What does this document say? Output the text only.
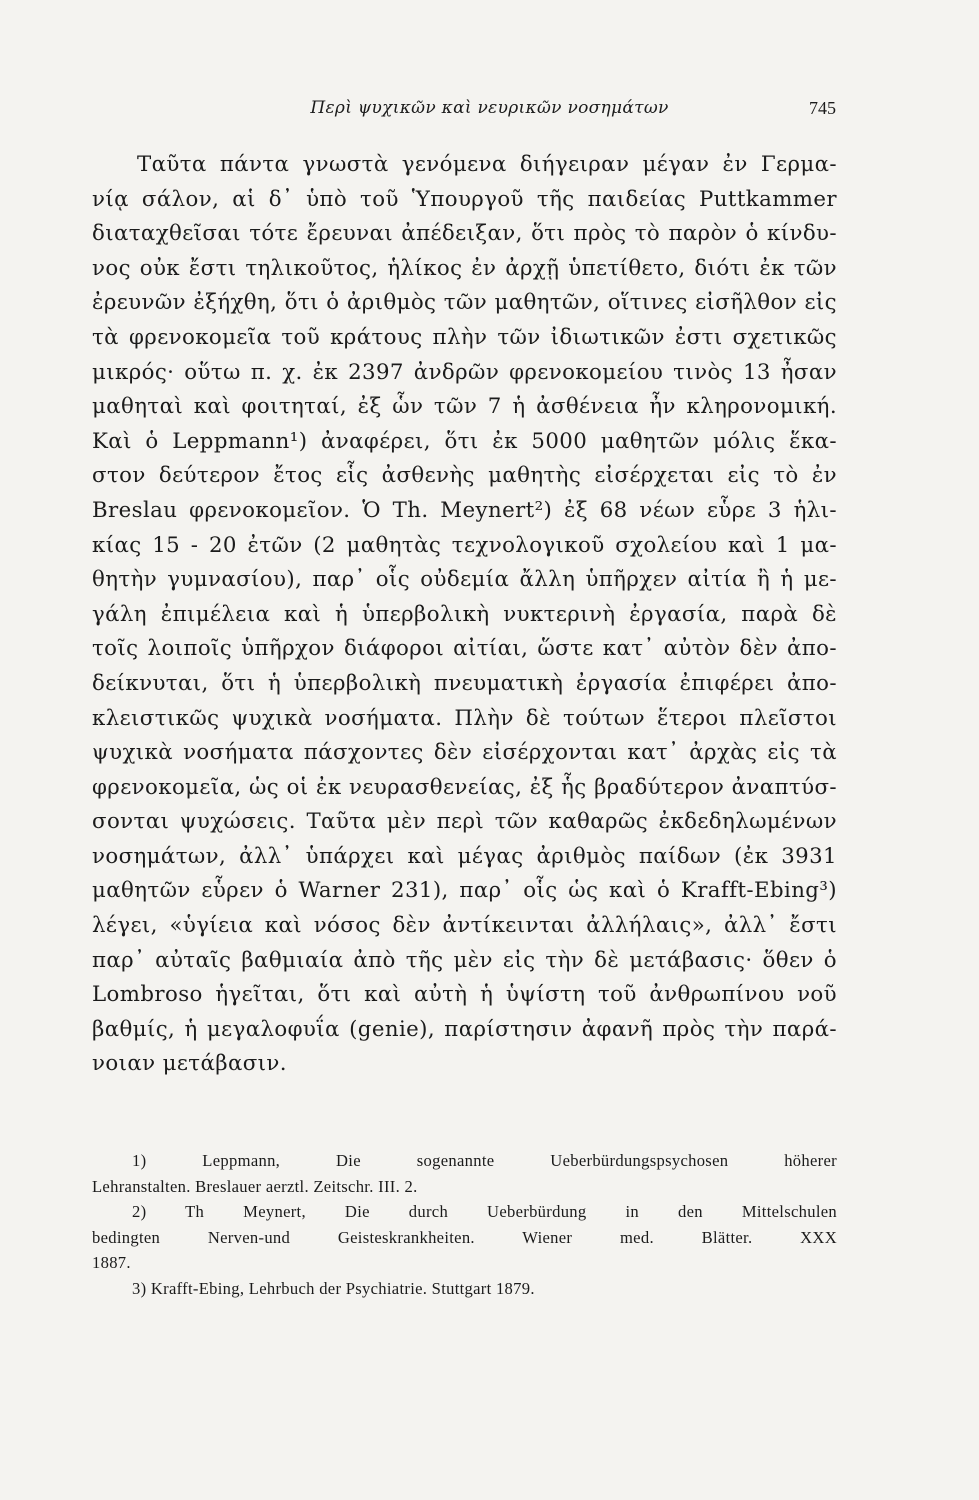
Περὶ ψυχικῶν καὶ νευρικῶν νοσημάτων	745
Ταῦτα πάντα γνωστὰ γενόμενα διήγειραν μέγαν ἐν Γερμα-
νίᾳ σάλον, αἱ δ᾽ ὑπὸ τοῦ Ὑπουργοῦ τῆς παιδείας Puttkammer
διαταχθεῖσαι τότε ἔρευναι ἀπέδειξαν, ὅτι πρὸς τὸ παρὸν ὁ κίνδυ-
νος οὐκ ἔστι τηλικοῦτος, ἡλίκος ἐν ἀρχῇ ὑπετίθετο, διότι ἐκ τῶν
ἐρευνῶν ἐξήχθη, ὅτι ὁ ἀριθμὸς τῶν μαθητῶν, οἵτινες εἰσῆλθον εἰς
τὰ φρενοκομεῖα τοῦ κράτους πλὴν τῶν ἰδιωτικῶν ἐστι σχετικῶς
μικρός· οὕτω π. χ. ἐκ 2397 ἀνδρῶν φρενοκομείου τινὸς 13 ἦσαν
μαθηταὶ καὶ φοιτηταί, ἐξ ὧν τῶν 7 ἡ ἀσθένεια ἦν κληρονομική.
Καὶ ὁ Leppmann¹) ἀναφέρει, ὅτι ἐκ 5000 μαθητῶν μόλις ἕκα-
στον δεύτερον ἔτος εἷς ἀσθενὴς μαθητὴς εἰσέρχεται εἰς τὸ ἐν
Breslau φρενοκομεῖον. Ὁ Th. Meynert²) ἐξ 68 νέων εὗρε 3 ἡλι-
κίας 15 - 20 ἐτῶν (2 μαθητὰς τεχνολογικοῦ σχολείου καὶ 1 μα-
θητὴν γυμνασίου), παρ᾽ οἷς οὐδεμία ἄλλη ὑπῆρχεν αἰτία ἢ ἡ με-
γάλη ἐπιμέλεια καὶ ἡ ὑπερβολικὴ νυκτερινὴ ἐργασία, παρὰ δὲ
τοῖς λοιποῖς ὑπῆρχον διάφοροι αἰτίαι, ὥστε κατ᾽ αὐτὸν δὲν ἀπο-
δείκνυται, ὅτι ἡ ὑπερβολικὴ πνευματικὴ ἐργασία ἐπιφέρει ἀπο-
κλειστικῶς ψυχικὰ νοσήματα. Πλὴν δὲ τούτων ἕτεροι πλεῖστοι
ψυχικὰ νοσήματα πάσχοντες δὲν εἰσέρχονται κατ᾽ ἀρχὰς εἰς τὰ
φρενοκομεῖα, ὡς οἱ ἐκ νευρασθενείας, ἐξ ἧς βραδύτερον ἀναπτύσ-
σονται ψυχώσεις. Ταῦτα μὲν περὶ τῶν καθαρῶς ἐκδεδηλωμένων
νοσημάτων, ἀλλ᾽ ὑπάρχει καὶ μέγας ἀριθμὸς παίδων (ἐκ 3931
μαθητῶν εὗρεν ὁ Warner 231), παρ᾽ οἷς ὡς καὶ ὁ Krafft-Ebing³)
λέγει, «ὑγίεια καὶ νόσος δὲν ἀντίκεινται ἀλλήλαις», ἀλλ᾽ ἔστι
παρ᾽ αὐταῖς βαθμιαία ἀπὸ τῆς μὲν εἰς τὴν δὲ μετάβασις· ὅθεν ὁ
Lombroso ἡγεῖται, ὅτι καὶ αὐτὴ ἡ ὑψίστη τοῦ ἀνθρωπίνου νοῦ
βαθμίς, ἡ μεγαλοφυΐα (genie), παρίστησιν ἀφανῆ πρὸς τὴν παρά-
νοιαν μετάβασιν.
1) Leppmann, Die sogenannte Ueberbürdungspsychosen höherer
Lehranstalten. Breslauer aerztl. Zeitschr. III. 2.
2) Th Meynert, Die durch Ueberbürdung in den Mittelschulen
bedingten Nerven-und Geisteskrankheiten. Wiener med. Blätter. XXX
1887.
3) Krafft-Ebing, Lehrbuch der Psychiatrie. Stuttgart 1879.
